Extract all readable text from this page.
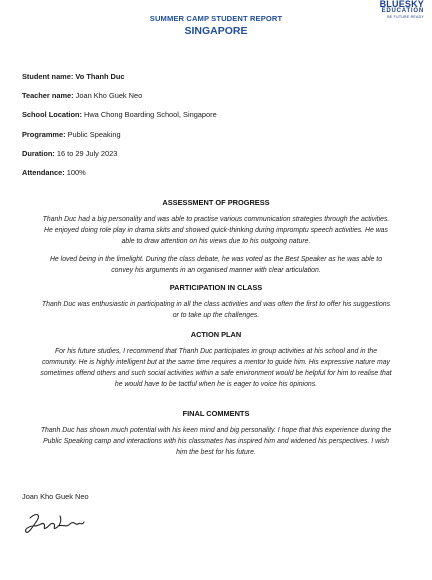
BLUESKY
EDUCATION
BE FUTURE READY
SUMMER CAMP STUDENT REPORT
SINGAPORE
Student name: Vo Thanh Duc
Teacher name: Joan Kho Guek Neo
School Location: Hwa Chong Boarding School, Singapore
Programme: Public Speaking
Duration: 16 to 29 July 2023
Attendance: 100%
ASSESSMENT OF PROGRESS
Thanh Duc had a big personality and was able to practise various communication strategies through the activities. He enjoyed doing role play in drama skits and showed quick-thinking during impromptu speech activities. He was able to draw attention on his views due to his outgoing nature.
He loved being in the limelight. During the class debate, he was voted as the Best Speaker as he was able to convey his arguments in an organised manner with clear articulation.
PARTICIPATION IN CLASS
Thanh Duc was enthusiastic in participating in all the class activities and was often the first to offer his suggestions or to take up the challenges.
ACTION PLAN
For his future studies, I recommend that Thanh Duc participates in group activities at his school and in the community. He is highly intelligent but at the same time requires a mentor to guide him. His expressive nature may sometimes offend others and such social activities within a safe environment would be helpful for him to realise that he would have to be tactful when he is eager to voice his opinions.
FINAL COMMENTS
Thanh Duc has shown much potential with his keen mind and big personality. I hope that this experience during the Public Speaking camp and interactions with his classmates has inspired him and widened his perspectives. I wish him the best for his future.
Joan Kho Guek Neo
